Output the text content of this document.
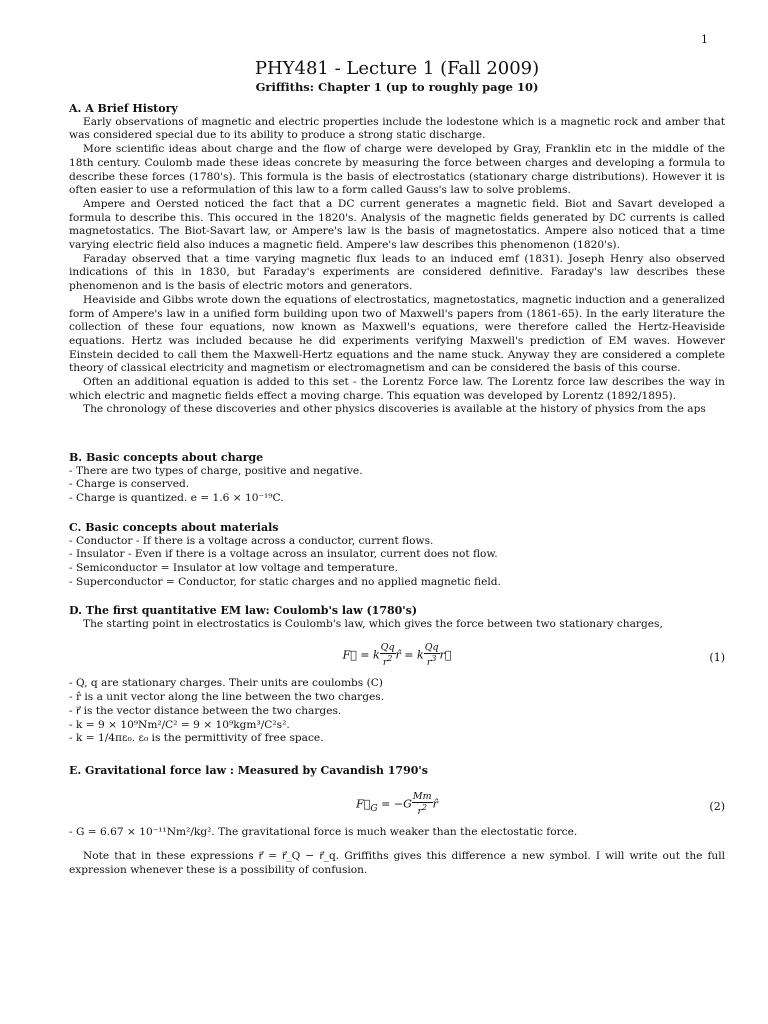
1
PHY481 - Lecture 1 (Fall 2009)
Griffiths: Chapter 1 (up to roughly page 10)
A. A Brief History

Early observations of magnetic and electric properties include the lodestone which is a magnetic rock and amber that was considered special due to its ability to produce a strong static discharge.

More scientific ideas about charge and the flow of charge were developed by Gray, Franklin etc in the middle of the 18th century. Coulomb made these ideas concrete by measuring the force between charges and developing a formula to describe these forces (1780's). This formula is the basis of electrostatics (stationary charge distributions). However it is often easier to use a reformulation of this law to a form called Gauss's law to solve problems.

Ampere and Oersted noticed the fact that a DC current generates a magnetic field. Biot and Savart developed a formula to describe this. This occured in the 1820's. Analysis of the magnetic fields generated by DC currents is called magnetostatics. The Biot-Savart law, or Ampere's law is the basis of magnetostatics. Ampere also noticed that a time varying electric field also induces a magnetic field. Ampere's law describes this phenomenon (1820's).

Faraday observed that a time varying magnetic flux leads to an induced emf (1831). Joseph Henry also observed indications of this in 1830, but Faraday's experiments are considered definitive. Faraday's law describes these phenomenon and is the basis of electric motors and generators.

Heaviside and Gibbs wrote down the equations of electrostatics, magnetostatics, magnetic induction and a generalized form of Ampere's law in a unified form building upon two of Maxwell's papers from (1861-65). In the early literature the collection of these four equations, now known as Maxwell's equations, were therefore called the Hertz-Heaviside equations. Hertz was included because he did experiments verifying Maxwell's prediction of EM waves. However Einstein decided to call them the Maxwell-Hertz equations and the name stuck. Anyway they are considered a complete theory of classical electricity and magnetism or electromagnetism and can be considered the basis of this course.

Often an additional equation is added to this set - the Lorentz Force law. The Lorentz force law describes the way in which electric and magnetic fields effect a moving charge. This equation was developed by Lorentz (1892/1895).

The chronology of these discoveries and other physics discoveries is available at the history of physics from the aps

B. Basic concepts about charge
- There are two types of charge, positive and negative.
- Charge is conserved.
- Charge is quantized. e = 1.6 × 10⁻¹⁹C.
C. Basic concepts about materials
- Conductor - If there is a voltage across a conductor, current flows.
- Insulator - Even if there is a voltage across an insulator, current does not flow.
- Semiconductor = Insulator at low voltage and temperature.
- Superconductor = Conductor, for static charges and no applied magnetic field.
D. The first quantitative EM law: Coulomb's law (1780's)

The starting point in electrostatics is Coulomb's law, which gives the force between two stationary charges,

F⃗ = k $\frac{Qq}{r^2}$ r̂ = k $\frac{Qq}{r^3}$ r⃗	(1)
- Q, q are stationary charges. Their units are coulombs (C)
- r̂ is a unit vector along the line between the two charges.
- r⃗ is the vector distance between the two charges.
- k = 9 × 10⁹Nm²/C² = 9 × 10⁹kgm³/C²s².
- k = 1/4πε₀. ε₀ is the permittivity of free space.
E. Gravitational force law : Measured by Cavandish 1790's
$F⃗_G = -G \frac{Mm}{r^2}$ r̂	(2)
- G = 6.67 × 10⁻¹¹Nm²/kg². The gravitational force is much weaker than the electostatic force.

Note that in these expressions r⃗ = r⃗_Q − r⃗_q. Griffiths gives this difference a new symbol. I will write out the full expression whenever these is a possibility of confusion.
